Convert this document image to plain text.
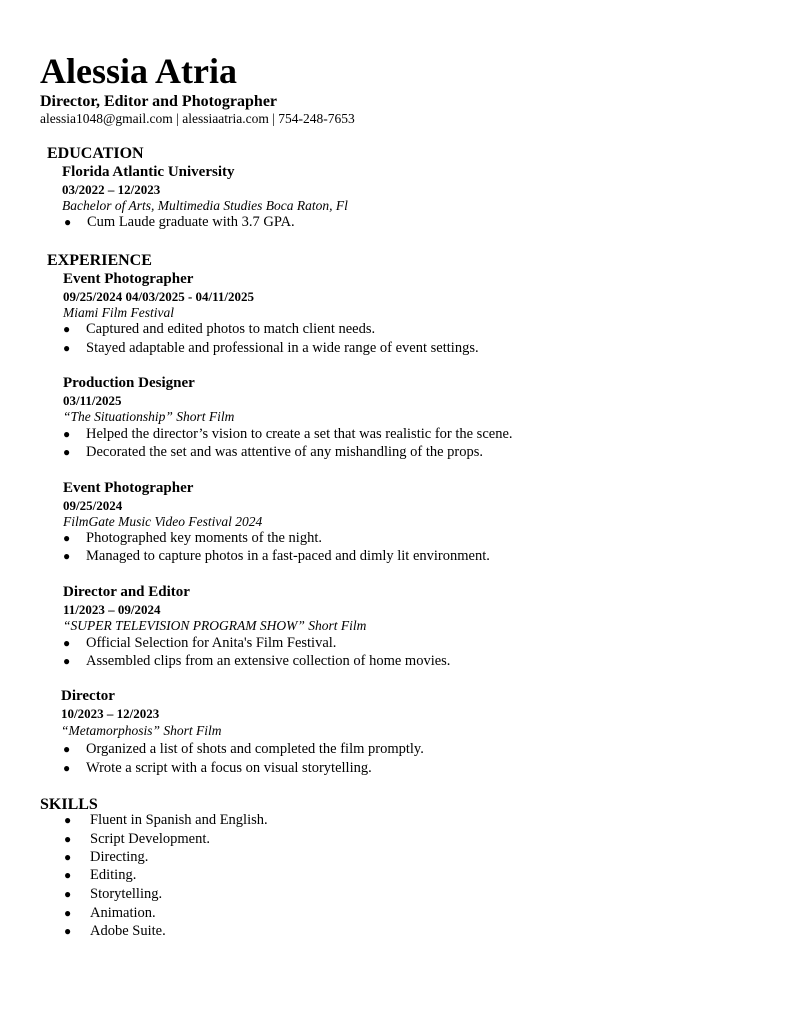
Alessia Atria
Director, Editor and Photographer
alessia1048@gmail.com | alessiaatria.com | 754-248-7653
EDUCATION
Florida Atlantic University
03/2022 – 12/2023
Bachelor of Arts, Multimedia Studies Boca Raton, Fl
● Cum Laude graduate with 3.7 GPA.
EXPERIENCE
Event Photographer
09/25/2024 04/03/2025 - 04/11/2025
Miami Film Festival
● Captured and edited photos to match client needs.
● Stayed adaptable and professional in a wide range of event settings.
Production Designer
03/11/2025
“The Situationship” Short Film
● Helped the director’s vision to create a set that was realistic for the scene.
● Decorated the set and was attentive of any mishandling of the props.
Event Photographer
09/25/2024
FilmGate Music Video Festival 2024
● Photographed key moments of the night.
● Managed to capture photos in a fast-paced and dimly lit environment.
Director and Editor
11/2023 – 09/2024
“SUPER TELEVISION PROGRAM SHOW” Short Film
● Official Selection for Anita's Film Festival.
● Assembled clips from an extensive collection of home movies.
Director
10/2023 – 12/2023
“Metamorphosis” Short Film
● Organized a list of shots and completed the film promptly.
● Wrote a script with a focus on visual storytelling.
SKILLS
● Fluent in Spanish and English.
● Script Development.
● Directing.
● Editing.
● Storytelling.
● Animation.
● Adobe Suite.
